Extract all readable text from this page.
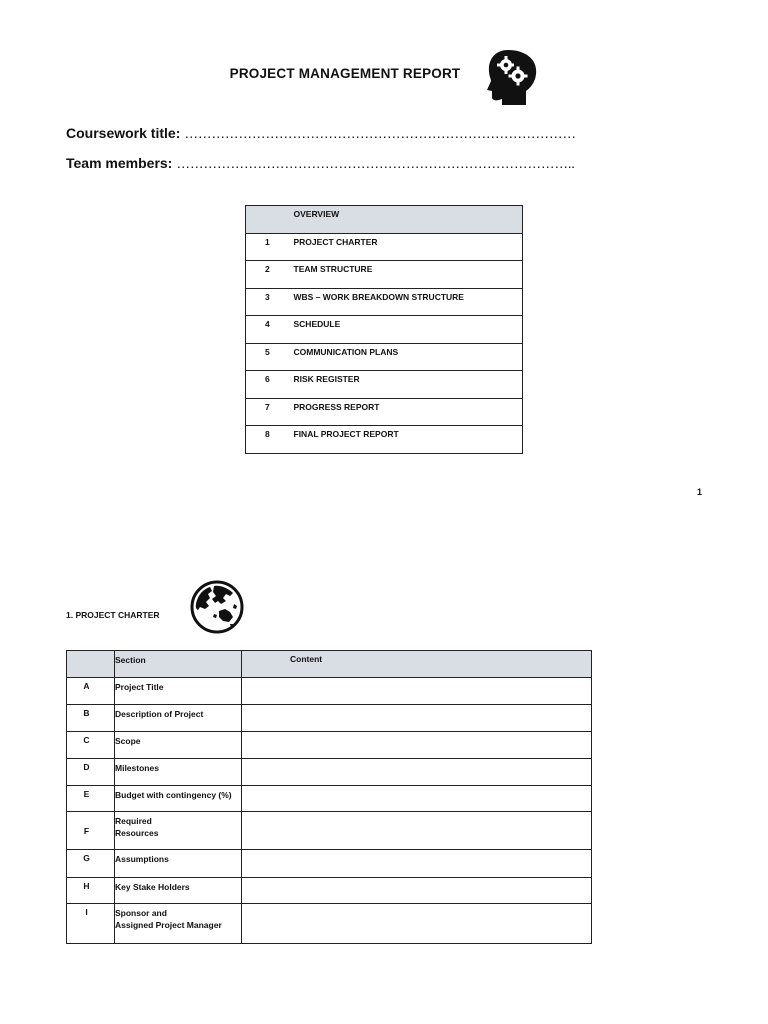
PROJECT MANAGEMENT REPORT
Coursework title: ……………………………………………………………………………
Team members: ……………………………………………………………………………..
	OVERVIEW
1	PROJECT CHARTER
2	TEAM STRUCTURE
3	WBS – WORK BREAKDOWN STRUCTURE
4	SCHEDULE
5	COMMUNICATION PLANS
6	RISK REGISTER
7	PROGRESS REPORT
8	FINAL PROJECT REPORT
1
1. PROJECT CHARTER
	Section	Content
A	Project Title	
B	Description of Project	
C	Scope	
D	Milestones	
E	Budget with contingency (%)	
F	Required
Resources	
G	Assumptions	
H	Key Stake Holders	
I	Sponsor and
Assigned Project Manager	
